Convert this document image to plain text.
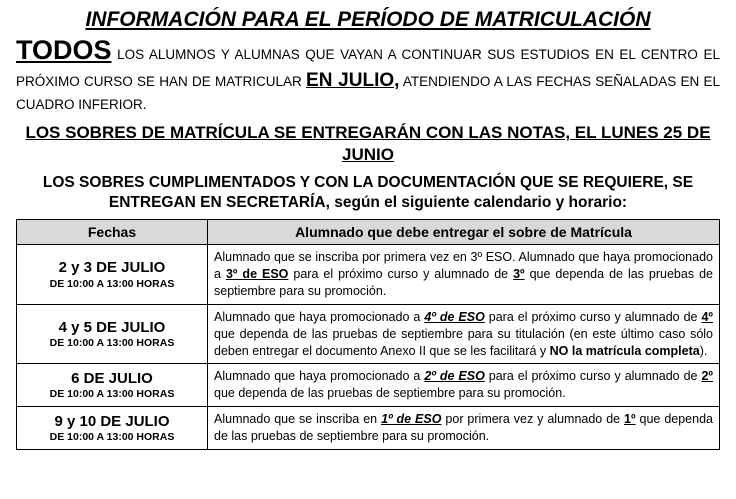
INFORMACIÓN PARA EL PERÍODO DE MATRICULACIÓN

TODOS LOS ALUMNOS Y ALUMNAS QUE VAYAN A CONTINUAR SUS ESTUDIOS EN EL CENTRO EL PRÓXIMO CURSO SE HAN DE MATRICULAR EN JULIO, ATENDIENDO A LAS FECHAS SEÑALADAS EN EL CUADRO INFERIOR.

LOS SOBRES DE MATRÍCULA SE ENTREGARÁN CON LAS NOTAS, EL LUNES 25 DE JUNIO
LOS SOBRES CUMPLIMENTADOS Y CON LA DOCUMENTACIÓN QUE SE REQUIERE, SE ENTREGAN EN SECRETARÍA, según el siguiente calendario y horario:
Fechas	Alumnado que debe entregar el sobre de Matrícula

2 y 3 DE JULIO
DE 10:00 A 13:00 HORAS	Alumnado que se inscriba por primera vez en 3º ESO. Alumnado que haya promocionado a 3º de ESO para el próximo curso y alumnado de 3º que dependa de las pruebas de septiembre para su promoción.

4 y 5 DE JULIO
DE 10:00 A 13:00 HORAS	Alumnado que haya promocionado a 4º de ESO para el próximo curso y alumnado de 4º que dependa de las pruebas de septiembre para su titulación (en este último caso sólo deben entregar el documento Anexo II que se les facilitará y NO la matrícula completa).

6 DE JULIO
DE 10:00 A 13:00 HORAS	Alumnado que haya promocionado a 2º de ESO para el próximo curso y alumnado de 2º que dependa de las pruebas de septiembre para su promoción.

9 y 10 DE JULIO
DE 10:00 A 13:00 HORAS	Alumnado que se inscriba en 1º de ESO por primera vez y alumnado de 1º que dependa de las pruebas de septiembre para su promoción.
